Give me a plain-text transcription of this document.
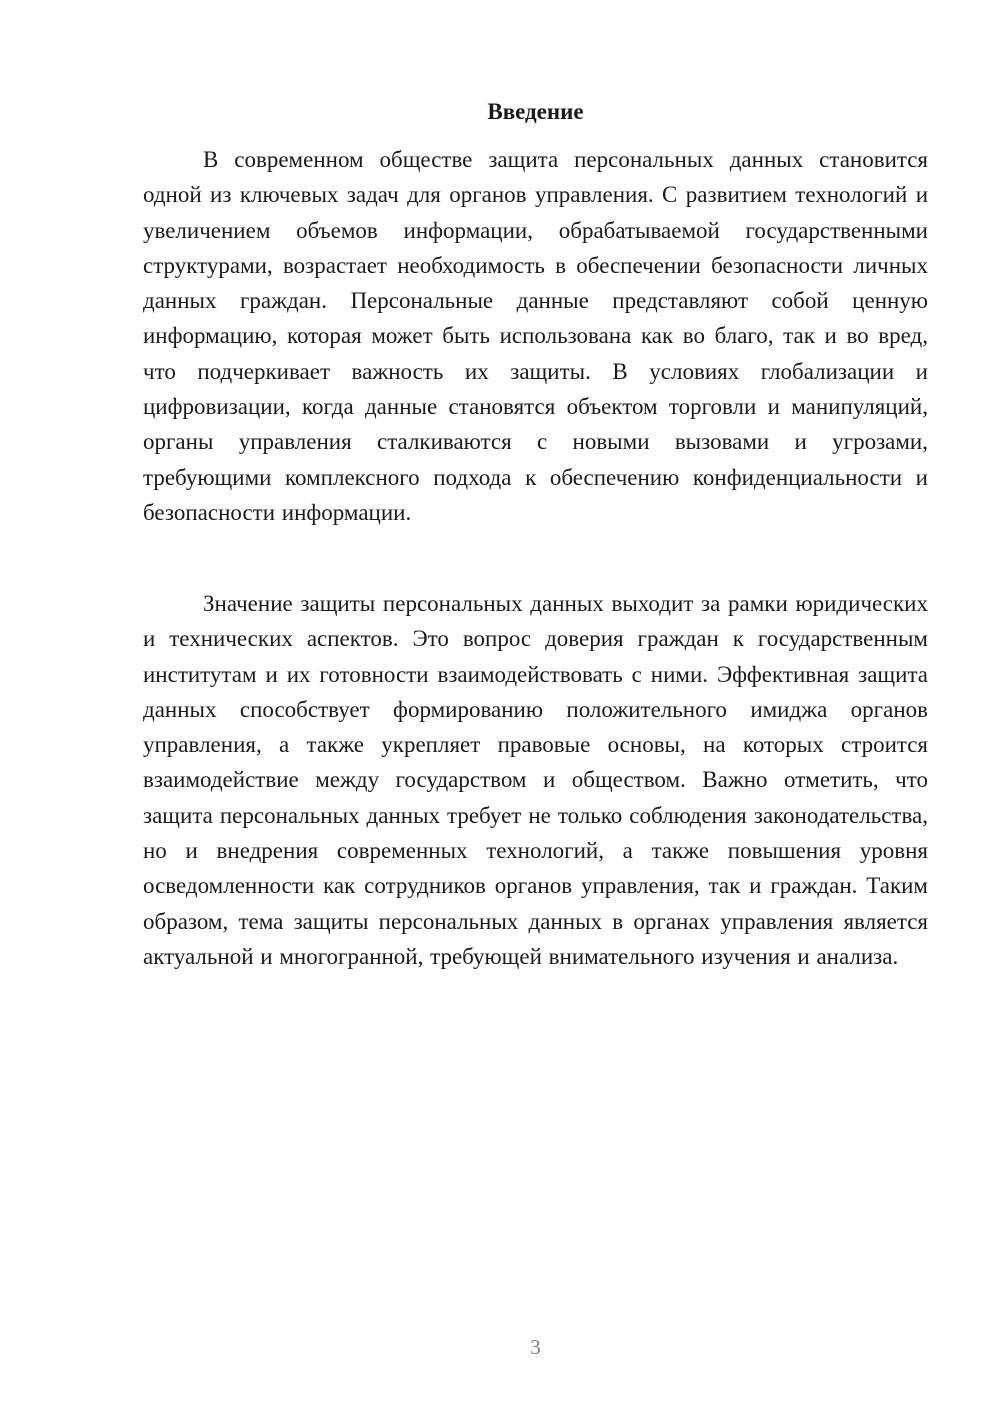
Введение

В современном обществе защита персональных данных становится одной из ключевых задач для органов управления. С развитием технологий и увеличением объемов информации, обрабатываемой государственными структурами, возрастает необходимость в обеспечении безопасности личных данных граждан. Персональные данные представляют собой ценную информацию, которая может быть использована как во благо, так и во вред, что подчеркивает важность их защиты. В условиях глобализации и цифровизации, когда данные становятся объектом торговли и манипуляций, органы управления сталкиваются с новыми вызовами и угрозами, требующими комплексного подхода к обеспечению конфиденциальности и безопасности информации.

Значение защиты персональных данных выходит за рамки юридических и технических аспектов. Это вопрос доверия граждан к государственным институтам и их готовности взаимодействовать с ними. Эффективная защита данных способствует формированию положительного имиджа органов управления, а также укрепляет правовые основы, на которых строится взаимодействие между государством и обществом. Важно отметить, что защита персональных данных требует не только соблюдения законодательства, но и внедрения современных технологий, а также повышения уровня осведомленности как сотрудников органов управления, так и граждан. Таким образом, тема защиты персональных данных в органах управления является актуальной и многогранной, требующей внимательного изучения и анализа.

3
